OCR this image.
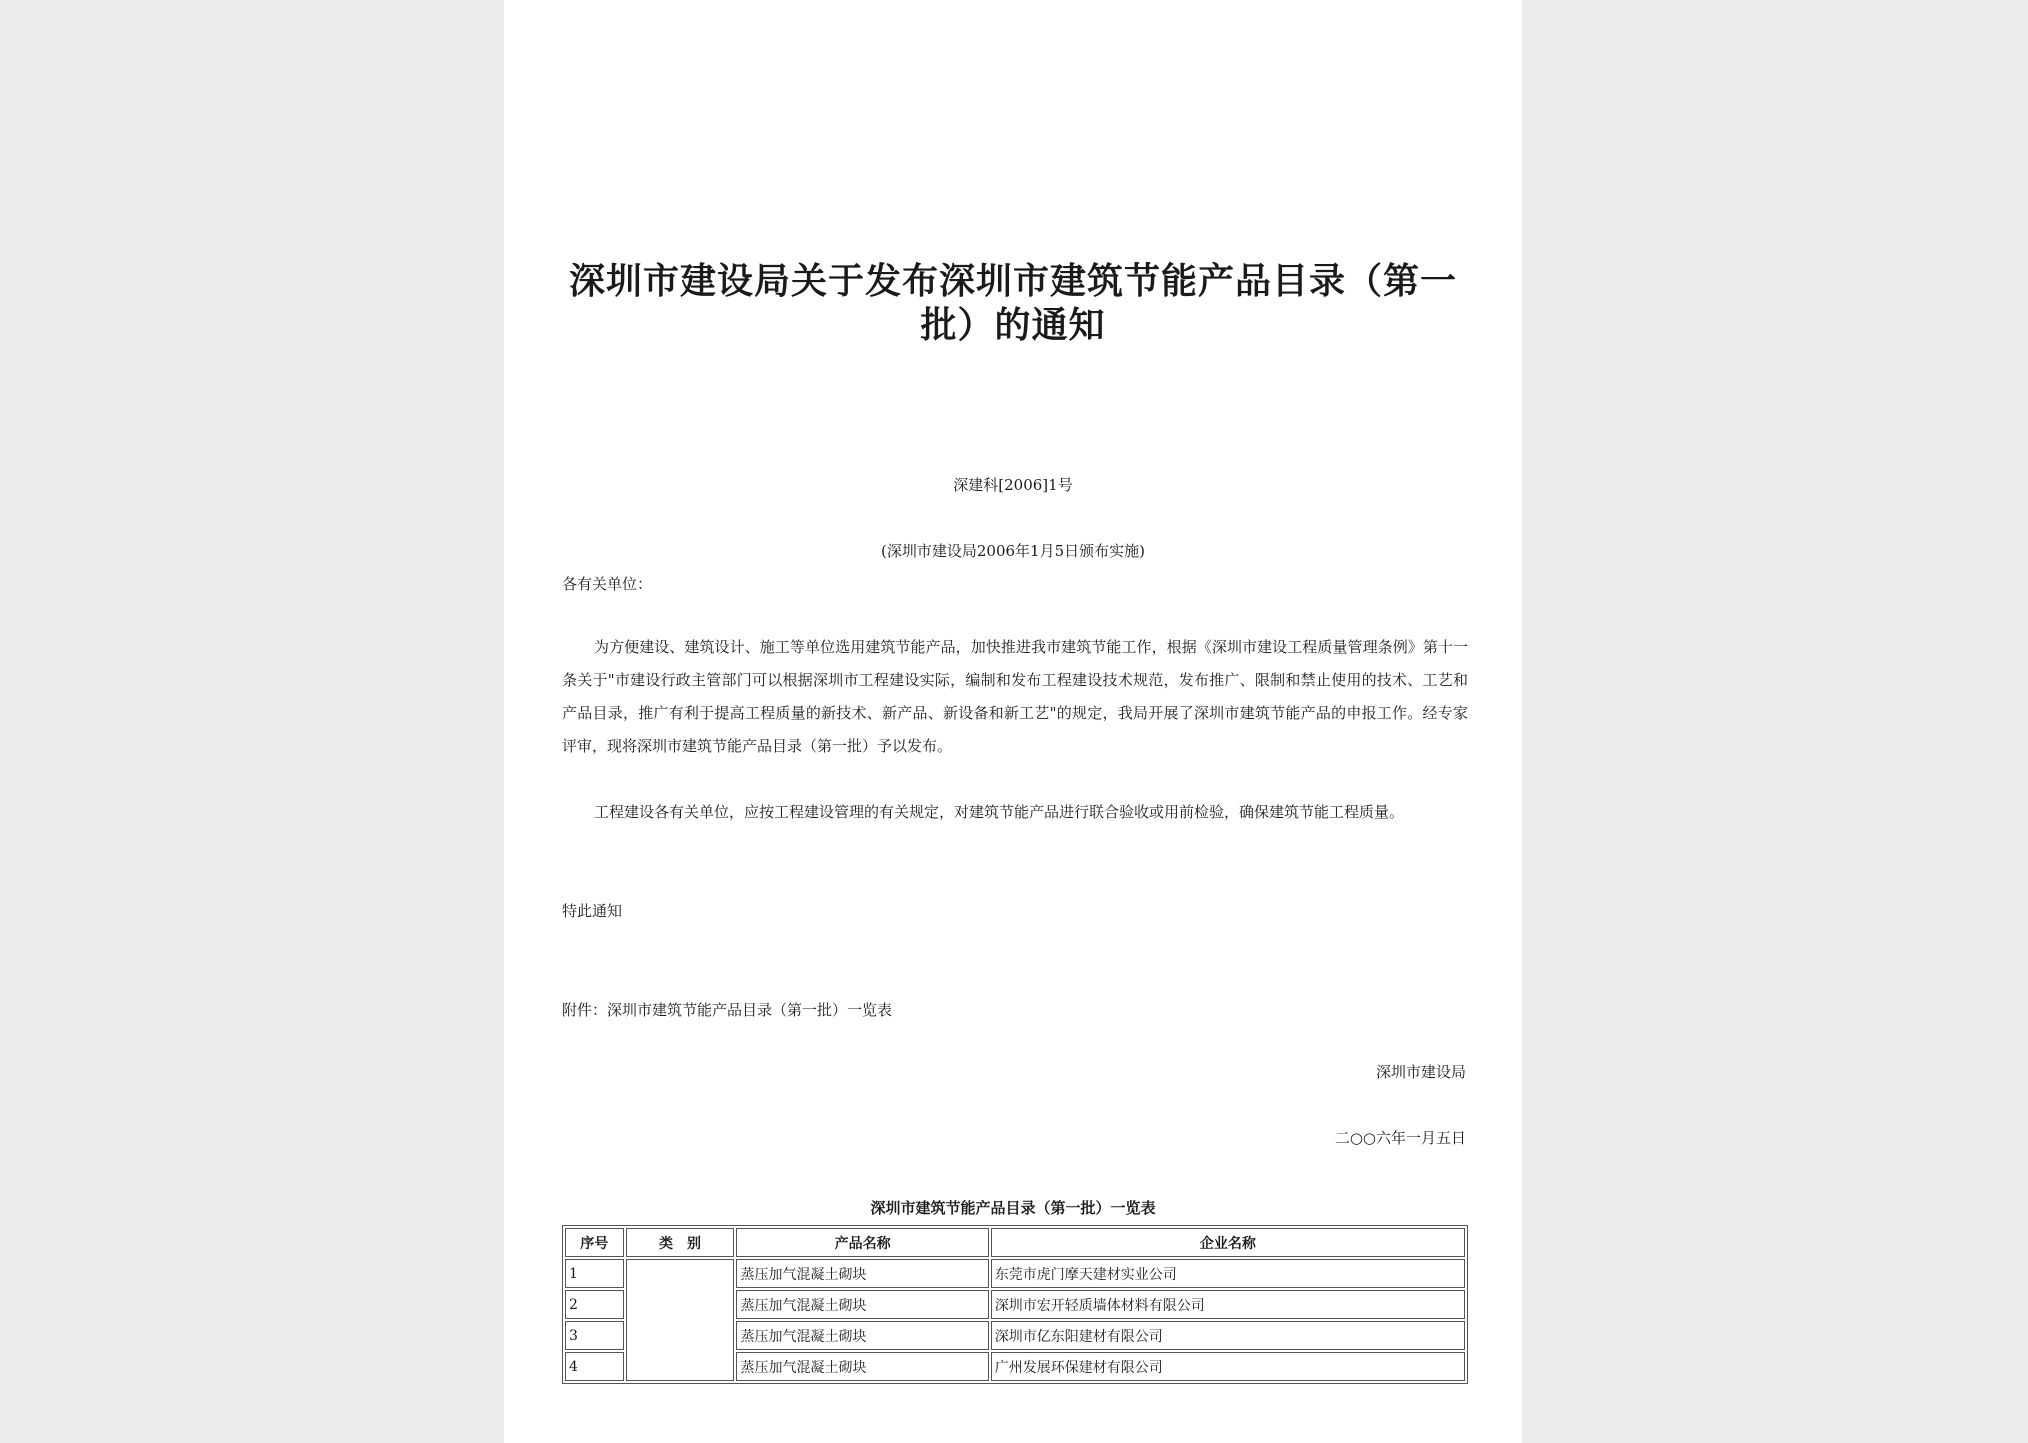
深圳市建设局关于发布深圳市建筑节能产品目录（第一批）的通知
深建科[2006]1号
(深圳市建设局2006年1月5日颁布实施)
各有关单位：
为方便建设、建筑设计、施工等单位选用建筑节能产品，加快推进我市建筑节能工作，根据《深圳市建设工程质量管理条例》第十一条关于"市建设行政主管部门可以根据深圳市工程建设实际，编制和发布工程建设技术规范，发布推广、限制和禁止使用的技术、工艺和产品目录，推广有利于提高工程质量的新技术、新产品、新设备和新工艺"的规定，我局开展了深圳市建筑节能产品的申报工作。经专家评审，现将深圳市建筑节能产品目录（第一批）予以发布。
工程建设各有关单位，应按工程建设管理的有关规定，对建筑节能产品进行联合验收或用前检验，确保建筑节能工程质量。
特此通知
附件：深圳市建筑节能产品目录（第一批）一览表
深圳市建设局
二○○六年一月五日
深圳市建筑节能产品目录（第一批）一览表
序号	类　别	产品名称	企业名称
1		蒸压加气混凝土砌块	东莞市虎门摩天建材实业公司
2		蒸压加气混凝土砌块	深圳市宏开轻质墙体材料有限公司
3		蒸压加气混凝土砌块	深圳市亿东阳建材有限公司
4		蒸压加气混凝土砌块	广州发展环保建材有限公司
